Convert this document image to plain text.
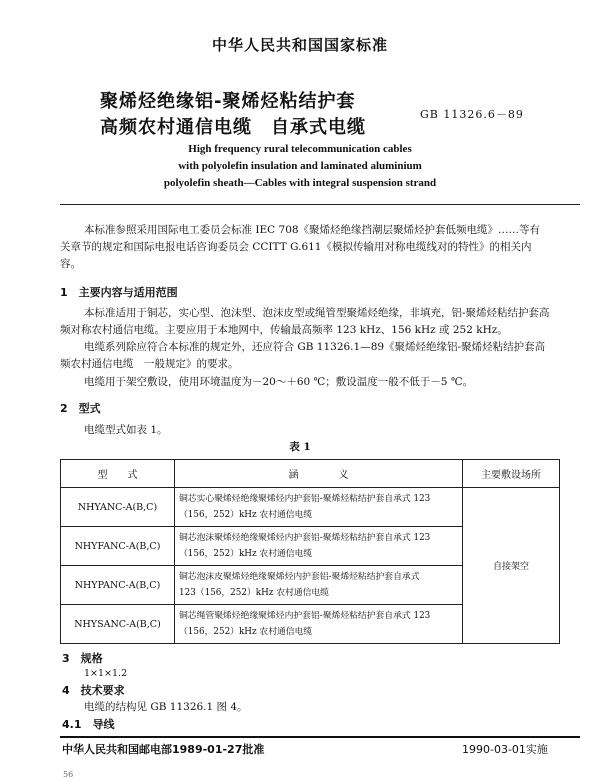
中华人民共和国国家标准
聚烯烃绝缘铝-聚烯烃粘结护套
高频农村通信电缆　自承式电缆
GB 11326.6－89
High frequency rural telecommunication cables
with polyolefin insulation and laminated aluminium
polyolefin sheath—Cables with integral suspension strand
本标准参照采用国际电工委员会标准 IEC 708《聚烯烃绝缘挡潮层聚烯烃护套低频电缆》……等有
关章节的规定和国际电报电话咨询委员会 CCITT G.611《模拟传输用对称电缆线对的特性》的相关内
容。
1　主要内容与适用范围
本标准适用于铜芯，实心型、泡沫型、泡沫皮型或绳管型聚烯烃绝缘，非填充，铝-聚烯烃粘结护套高
频对称农村通信电缆。主要应用于本地网中，传输最高频率 123 kHz、156 kHz 或 252 kHz。
电缆系列除应符合本标准的规定外，还应符合 GB 11326.1—89《聚烯烃绝缘铝-聚烯烃粘结护套高
频农村通信电缆　一般规定》的要求。
电缆用于架空敷设，使用环境温度为－20～＋60 ℃；敷设温度一般不低于－5 ℃。
2　型式
电缆型式如表 1。
表 1
型　　式	涵　　　　义	主要敷设场所
NHYANC-A(B,C)	铜芯实心聚烯烃绝缘聚烯烃内护套铝-聚烯烃粘结护套自承式 123
（156，252）kHz 农村通信电缆	自接架空
NHYFANC-A(B,C)	铜芯泡沫聚烯烃绝缘聚烯烃内护套铝-聚烯烃粘结护套自承式 123
（156，252）kHz 农村通信电缆	

NHYPANC-A(B,C)	铜芯泡沫皮聚烯烃绝缘聚烯烃内护套铝-聚烯烃粘结护套自承式
123（156，252）kHz 农村通信电缆	

NHYSANC-A(B,C)	铜芯绳管聚烯烃绝缘聚烯烃内护套铝-聚烯烃粘结护套自承式 123
（156，252）kHz 农村通信电缆	
3　规格
1×1×1.2
4　技术要求
电缆的结构见 GB 11326.1 图 4。
4.1　导线
中华人民共和国邮电部1989-01-27批准	1990-03-01实施
56
